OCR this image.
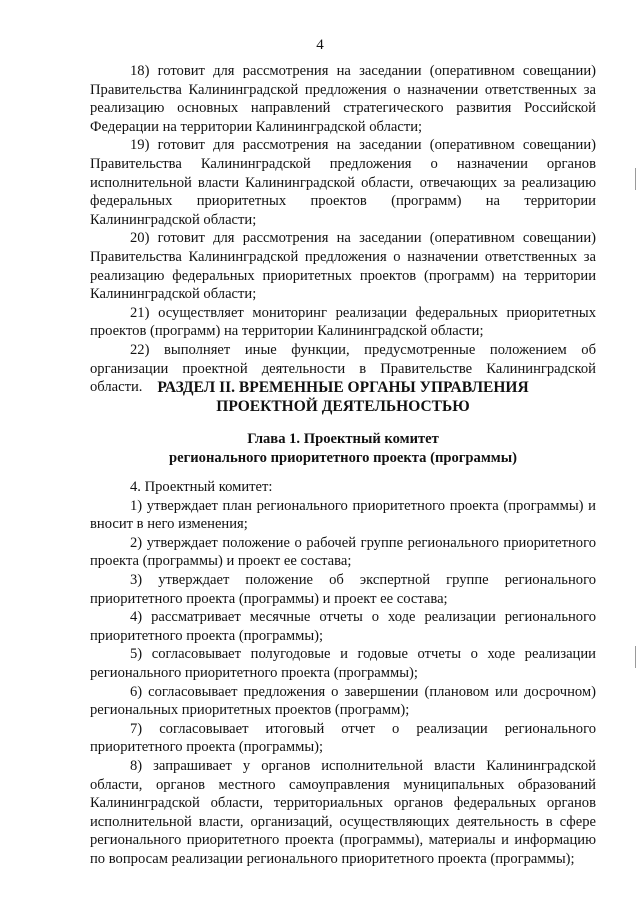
4

18) готовит для рассмотрения на заседании (оперативном совещании) Правительства Калининградской предложения о назначении ответственных за реализацию основных направлений стратегического развития Российской Федерации на территории Калининградской области;

19) готовит для рассмотрения на заседании (оперативном совещании) Правительства Калининградской предложения о назначении органов исполнительной власти Калининградской области, отвечающих за реализацию федеральных приоритетных проектов (программ) на территории Калининградской области;

20) готовит для рассмотрения на заседании (оперативном совещании) Правительства Калининградской предложения о назначении ответственных за реализацию федеральных приоритетных проектов (программ) на территории Калининградской области;

21) осуществляет мониторинг реализации федеральных приоритетных проектов (программ) на территории Калининградской области;

22) выполняет иные функции, предусмотренные положением об организации проектной деятельности в Правительстве Калининградской области. РАЗДЕЛ II. ВРЕМЕННЫЕ ОРГАНЫ УПРАВЛЕНИЯ

ПРОЕКТНОЙ ДЕЯТЕЛЬНОСТЬЮ

Глава 1. Проектный комитет

регионального приоритетного проекта (программы)

4. Проектный комитет:

1) утверждает план регионального приоритетного проекта (программы) и вносит в него изменения;

2) утверждает положение о рабочей группе регионального приоритетного проекта (программы) и проект ее состава;

3) утверждает положение об экспертной группе регионального приоритетного проекта (программы) и проект ее состава;

4) рассматривает месячные отчеты о ходе реализации регионального приоритетного проекта (программы);

5) согласовывает полугодовые и годовые отчеты о ходе реализации регионального приоритетного проекта (программы);

6) согласовывает предложения о завершении (плановом или досрочном) региональных приоритетных проектов (программ);

7) согласовывает итоговый отчет о реализации регионального приоритетного проекта (программы);

8) запрашивает у органов исполнительной власти Калининградской области, органов местного самоуправления муниципальных образований Калининградской области, территориальных органов федеральных органов исполнительной власти, организаций, осуществляющих деятельность в сфере регионального приоритетного проекта (программы), материалы и информацию по вопросам реализации регионального приоритетного проекта (программы);
